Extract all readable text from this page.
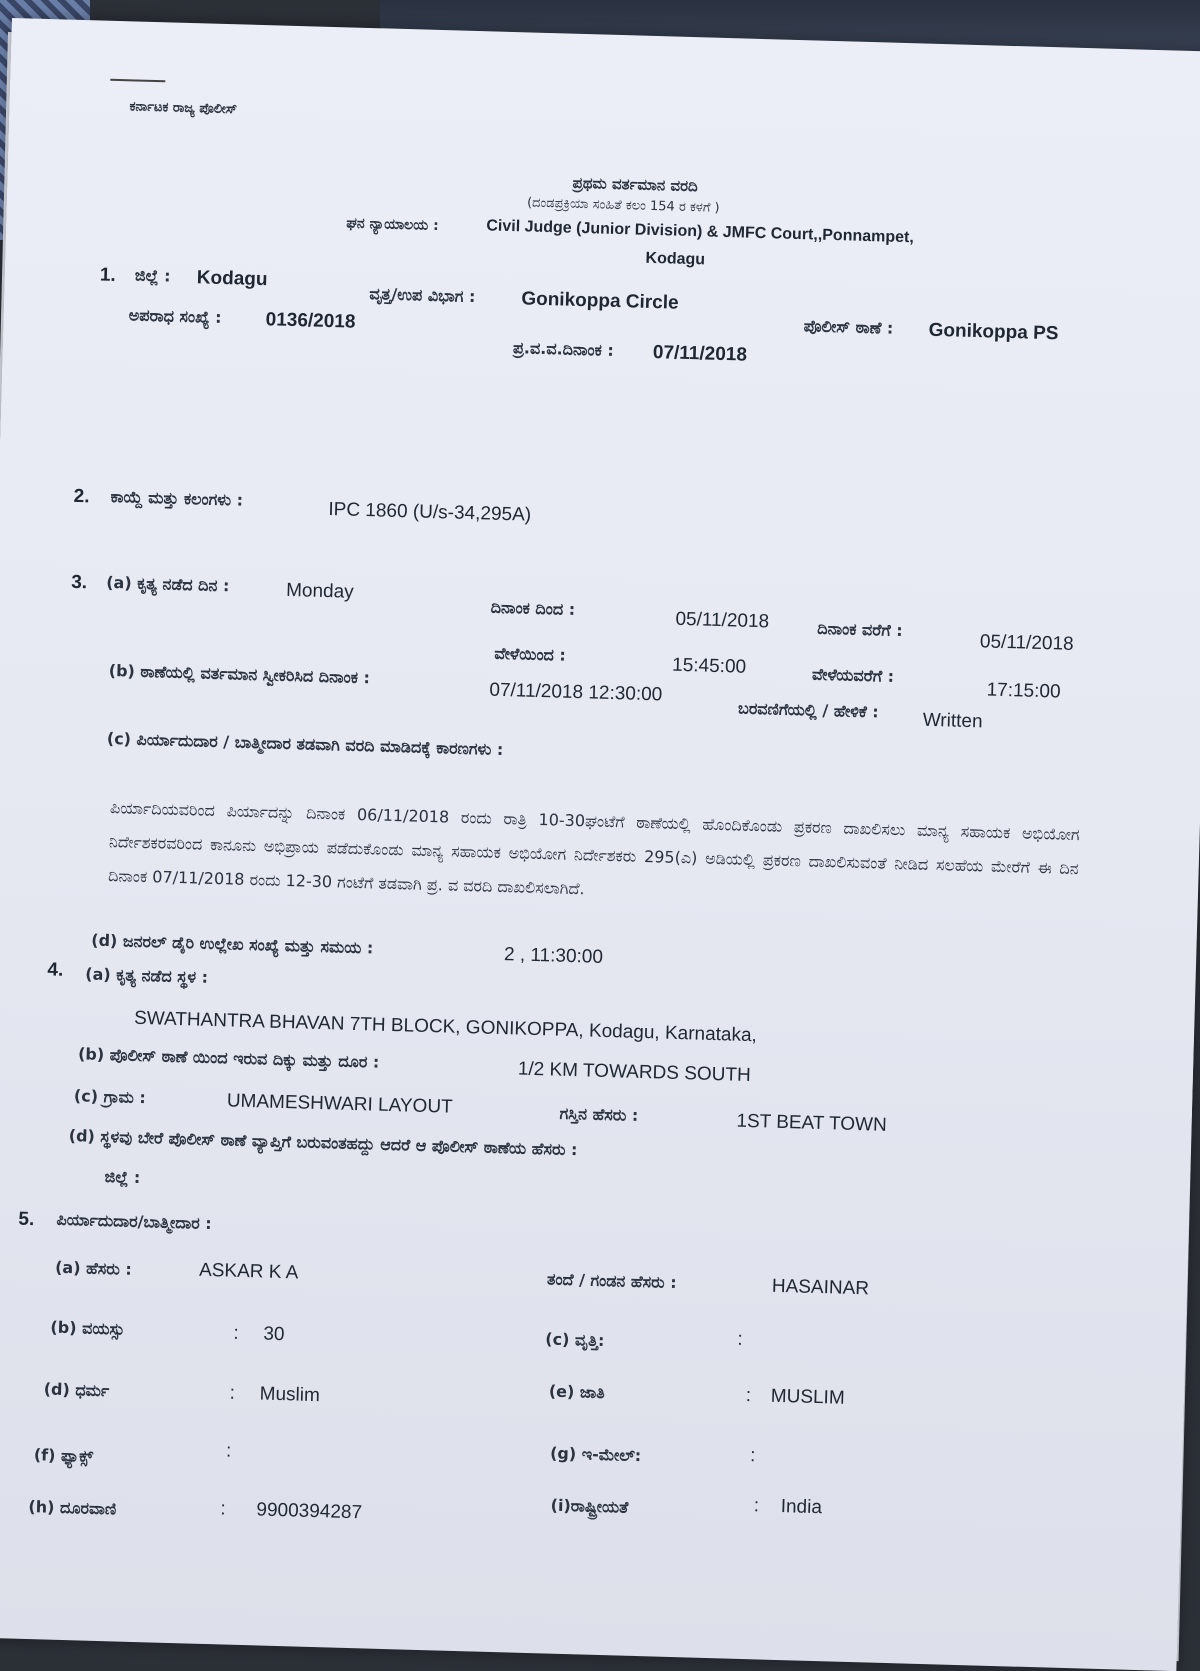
ಕರ್ನಾಟಕ ರಾಜ್ಯ ಪೊಲೀಸ್
ಪ್ರಥಮ ವರ್ತಮಾನ ವರದಿ
(ದಂಡಪ್ರಕ್ರಿಯಾ ಸಂಹಿತೆ ಕಲಂ 154 ರ ಕಳಗೆ )
ಘನ ನ್ಯಾಯಾಲಯ :	Civil Judge (Junior Division) & JMFC Court,,Ponnampet,
Kodagu
1. ಜಿಲ್ಲೆ : Kodagu
ವೃತ್ತ/ಉಪ ವಿಭಾಗ : Gonikoppa Circle
ಪೊಲೀಸ್ ಠಾಣೆ : Gonikoppa PS
ಅಪರಾಧ ಸಂಖ್ಯೆ : 0136/2018
ಪ್ರ.ವ.ವ.ದಿನಾಂಕ : 07/11/2018
2. ಕಾಯ್ದೆ ಮತ್ತು ಕಲಂಗಳು :
IPC 1860 (U/s-34,295A)
3. (a) ಕೃತ್ಯ ನಡೆದ ದಿನ :	Monday
ದಿನಾಂಕ ದಿಂದ :
05/11/2018	ದಿನಾಂಕ ವರೆಗೆ :
05/11/2018
ವೇಳೆಯಿಂದ :
15:45:00	ವೇಳೆಯವರೆಗೆ :
17:15:00
(b) ಠಾಣೆಯಲ್ಲಿ ವರ್ತಮಾನ ಸ್ವೀಕರಿಸಿದ ದಿನಾಂಕ :
07/11/2018 12:30:00
ಬರವಣಿಗೆಯಲ್ಲಿ / ಹೇಳಿಕೆ : Written
(c) ಪಿರ್ಯಾದುದಾರ / ಬಾತ್ಮೀದಾರ ತಡವಾಗಿ ವರದಿ ಮಾಡಿದಕ್ಕೆ ಕಾರಣಗಳು :
ಪಿರ್ಯಾದಿಯವರಿಂದ ಪಿರ್ಯಾದನ್ನು ದಿನಾಂಕ 06/11/2018 ರಂದು ರಾತ್ರಿ 10-30ಘಂಟೆಗೆ ಠಾಣೆಯಲ್ಲಿ ಹೊಂದಿಕೊಂಡು ಪ್ರಕರಣ ದಾಖಲಿಸಲು ಮಾನ್ಯ ಸಹಾಯಕ ಅಭಿಯೋಗ ನಿರ್ದೇಶಕರವರಿಂದ ಕಾನೂನು ಅಭಿಪ್ರಾಯ ಪಡೆದುಕೊಂಡು ಮಾನ್ಯ ಸಹಾಯಕ ಅಭಿಯೋಗ ನಿರ್ದೇಶಕರು 295(ಎ) ಅಡಿಯಲ್ಲಿ ಪ್ರಕರಣ ದಾಖಲಿಸುವಂತೆ ನೀಡಿದ ಸಲಹೆಯ ಮೇರೆಗೆ ಈ ದಿನ ದಿನಾಂಕ 07/11/2018 ರಂದು 12-30 ಗಂಟೆಗೆ ತಡವಾಗಿ ಪ್ರ. ವ ವರದಿ ದಾಖಲಿಸಲಾಗಿದೆ.
(d) ಜನರಲ್ ಡೈರಿ ಉಲ್ಲೇಖ ಸಂಖ್ಯೆ ಮತ್ತು ಸಮಯ :	2 , 11:30:00
4. (a) ಕೃತ್ಯ ನಡೆದ ಸ್ಥಳ :
SWATHANTRA BHAVAN 7TH BLOCK, GONIKOPPA, Kodagu, Karnataka,
(b) ಪೊಲೀಸ್ ಠಾಣೆ ಯಿಂದ ಇರುವ ದಿಕ್ಕು ಮತ್ತು ದೂರ :
1/2 KM TOWARDS SOUTH
(c) ಗ್ರಾಮ :	UMAMESHWARI LAYOUT	ಗಸ್ತಿನ ಹೆಸರು :	1ST BEAT TOWN
(d) ಸ್ಥಳವು ಬೇರೆ ಪೊಲೀಸ್ ಠಾಣೆ ವ್ಯಾಪ್ತಿಗೆ ಬರುವಂತಹದ್ದು ಆದರೆ ಆ ಪೊಲೀಸ್ ಠಾಣೆಯ ಹೆಸರು :
ಜಿಲ್ಲೆ :
5. ಪಿರ್ಯಾದುದಾರ/ಬಾತ್ಮೀದಾರ :
(a) ಹೆಸರು :	ASKAR K A	ತಂದೆ / ಗಂಡನ ಹೆಸರು :	HASAINAR
(b) ವಯಸ್ಸು	: 30	(c) ವೃತ್ತಿ:	:
(d) ಧರ್ಮ	: Muslim	(e) ಜಾತಿ	: MUSLIM
(f) ಫ್ಯಾಕ್ಸ್	:	(g) ಇ-ಮೇಲ್:	:
(h) ದೂರವಾಣಿ	: 9900394287	(i)ರಾಷ್ಟ್ರೀಯತೆ	: India
